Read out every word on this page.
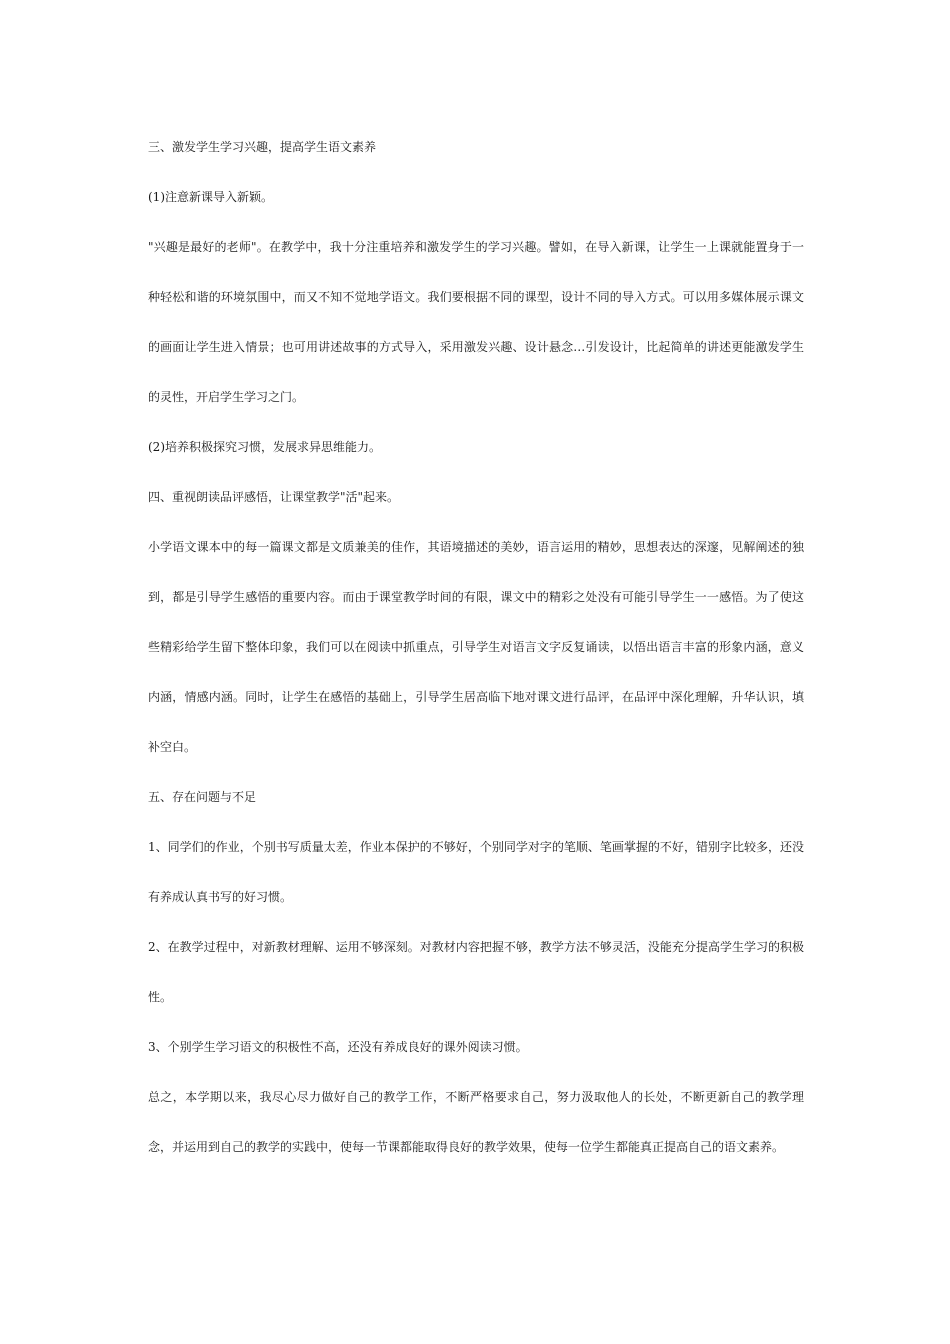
三、激发学生学习兴趣，提高学生语文素养

(1)注意新课导入新颖。

"兴趣是最好的老师"。在教学中，我十分注重培养和激发学生的学习兴趣。譬如，在导入新课，让学生一上课就能置身于一种轻松和谐的环境氛围中，而又不知不觉地学语文。我们要根据不同的课型，设计不同的导入方式。可以用多媒体展示课文的画面让学生进入情景；也可用讲述故事的方式导入，采用激发兴趣、设计悬念…引发设计，比起简单的讲述更能激发学生的灵性，开启学生学习之门。

(2)培养积极探究习惯，发展求异思维能力。

四、重视朗读品评感悟，让课堂教学"活"起来。

小学语文课本中的每一篇课文都是文质兼美的佳作，其语境描述的美妙，语言运用的精妙，思想表达的深邃，见解阐述的独到，都是引导学生感悟的重要内容。而由于课堂教学时间的有限，课文中的精彩之处没有可能引导学生一一感悟。为了使这些精彩给学生留下整体印象，我们可以在阅读中抓重点，引导学生对语言文字反复诵读，以悟出语言丰富的形象内涵，意义内涵，情感内涵。同时，让学生在感悟的基础上，引导学生居高临下地对课文进行品评，在品评中深化理解，升华认识，填补空白。

五、存在问题与不足

1、同学们的作业，个别书写质量太差，作业本保护的不够好，个别同学对字的笔顺、笔画掌握的不好，错别字比较多，还没有养成认真书写的好习惯。

2、在教学过程中，对新教材理解、运用不够深刻。对教材内容把握不够，教学方法不够灵活，没能充分提高学生学习的积极性。

3、个别学生学习语文的积极性不高，还没有养成良好的课外阅读习惯。

总之，本学期以来，我尽心尽力做好自己的教学工作，不断严格要求自己，努力汲取他人的长处，不断更新自己的教学理念，并运用到自己的教学的实践中，使每一节课都能取得良好的教学效果，使每一位学生都能真正提高自己的语文素养。
